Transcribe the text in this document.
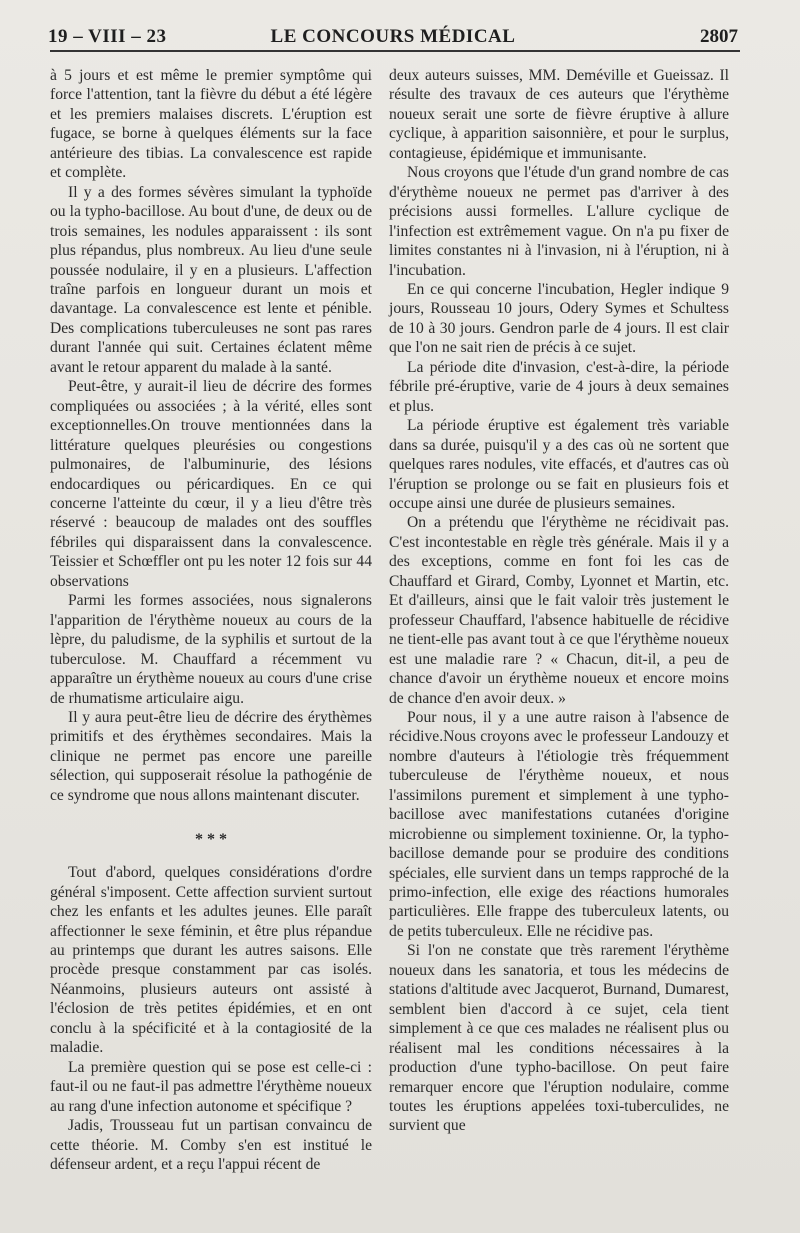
19 – VIII – 23	LE CONCOURS MÉDICAL	2807

à 5 jours et est même le premier symptôme qui force l'attention, tant la fièvre du début a été légère et les premiers malaises discrets. L'éruption est fugace, se borne à quelques éléments sur la face antérieure des tibias. La convalescence est rapide et complète.

Il y a des formes sévères simulant la typhoïde ou la typho-bacillose. Au bout d'une, de deux ou de trois semaines, les nodules apparaissent : ils sont plus répandus, plus nombreux. Au lieu d'une seule poussée nodulaire, il y en a plusieurs. L'affection traîne parfois en longueur durant un mois et davantage. La convalescence est lente et pénible. Des complications tuberculeuses ne sont pas rares durant l'année qui suit. Certaines éclatent même avant le retour apparent du malade à la santé.

Peut-être, y aurait-il lieu de décrire des formes compliquées ou associées ; à la vérité, elles sont exceptionnelles.On trouve mentionnées dans la littérature quelques pleurésies ou congestions pulmonaires, de l'albuminurie, des lésions endocardiques ou péricardiques. En ce qui concerne l'atteinte du cœur, il y a lieu d'être très réservé : beaucoup de malades ont des souffles fébriles qui disparaissent dans la convalescence. Teissier et Schœffler ont pu les noter 12 fois sur 44 observations

Parmi les formes associées, nous signalerons l'apparition de l'érythème noueux au cours de la lèpre, du paludisme, de la syphilis et surtout de la tuberculose. M. Chauffard a récemment vu apparaître un érythème noueux au cours d'une crise de rhumatisme articulaire aigu.

Il y aura peut-être lieu de décrire des érythèmes primitifs et des érythèmes secondaires. Mais la clinique ne permet pas encore une pareille sélection, qui supposerait résolue la pathogénie de ce syndrome que nous allons maintenant discuter.

* * *

Tout d'abord, quelques considérations d'ordre général s'imposent. Cette affection survient surtout chez les enfants et les adultes jeunes. Elle paraît affectionner le sexe féminin, et être plus répandue au printemps que durant les autres saisons. Elle procède presque constamment par cas isolés. Néanmoins, plusieurs auteurs ont assisté à l'éclosion de très petites épidémies, et en ont conclu à la spécificité et à la contagiosité de la maladie.

La première question qui se pose est celle-ci : faut-il ou ne faut-il pas admettre l'érythème noueux au rang d'une infection autonome et spécifique ?

Jadis, Trousseau fut un partisan convaincu de cette théorie. M. Comby s'en est institué le défenseur ardent, et a reçu l'appui récent de

deux auteurs suisses, MM. Deméville et Gueissaz. Il résulte des travaux de ces auteurs que l'érythème noueux serait une sorte de fièvre éruptive à allure cyclique, à apparition saisonnière, et pour le surplus, contagieuse, épidémique et immunisante.

Nous croyons que l'étude d'un grand nombre de cas d'érythème noueux ne permet pas d'arriver à des précisions aussi formelles. L'allure cyclique de l'infection est extrêmement vague. On n'a pu fixer de limites constantes ni à l'invasion, ni à l'éruption, ni à l'incubation.

En ce qui concerne l'incubation, Hegler indique 9 jours, Rousseau 10 jours, Odery Symes et Schultess de 10 à 30 jours. Gendron parle de 4 jours. Il est clair que l'on ne sait rien de précis à ce sujet.

La période dite d'invasion, c'est-à-dire, la période fébrile pré-éruptive, varie de 4 jours à deux semaines et plus.

La période éruptive est également très variable dans sa durée, puisqu'il y a des cas où ne sortent que quelques rares nodules, vite effacés, et d'autres cas où l'éruption se prolonge ou se fait en plusieurs fois et occupe ainsi une durée de plusieurs semaines.

On a prétendu que l'érythème ne récidivait pas. C'est incontestable en règle très générale. Mais il y a des exceptions, comme en font foi les cas de Chauffard et Girard, Comby, Lyonnet et Martin, etc. Et d'ailleurs, ainsi que le fait valoir très justement le professeur Chauffard, l'absence habituelle de récidive ne tient-elle pas avant tout à ce que l'érythème noueux est une maladie rare ? « Chacun, dit-il, a peu de chance d'avoir un érythème noueux et encore moins de chance d'en avoir deux. »

Pour nous, il y a une autre raison à l'absence de récidive.Nous croyons avec le professeur Landouzy et nombre d'auteurs à l'étiologie très fréquemment tuberculeuse de l'érythème noueux, et nous l'assimilons purement et simplement à une typho-bacillose avec manifestations cutanées d'origine microbienne ou simplement toxinienne. Or, la typho-bacillose demande pour se produire des conditions spéciales, elle survient dans un temps rapproché de la primo-infection, elle exige des réactions humorales particulières. Elle frappe des tuberculeux latents, ou de petits tuberculeux. Elle ne récidive pas.

Si l'on ne constate que très rarement l'érythème noueux dans les sanatoria, et tous les médecins de stations d'altitude avec Jacquerot, Burnand, Dumarest, semblent bien d'accord à ce sujet, cela tient simplement à ce que ces malades ne réalisent plus ou réalisent mal les conditions nécessaires à la production d'une typho-bacillose. On peut faire remarquer encore que l'éruption nodulaire, comme toutes les éruptions appelées toxi-tuberculides, ne survient que
